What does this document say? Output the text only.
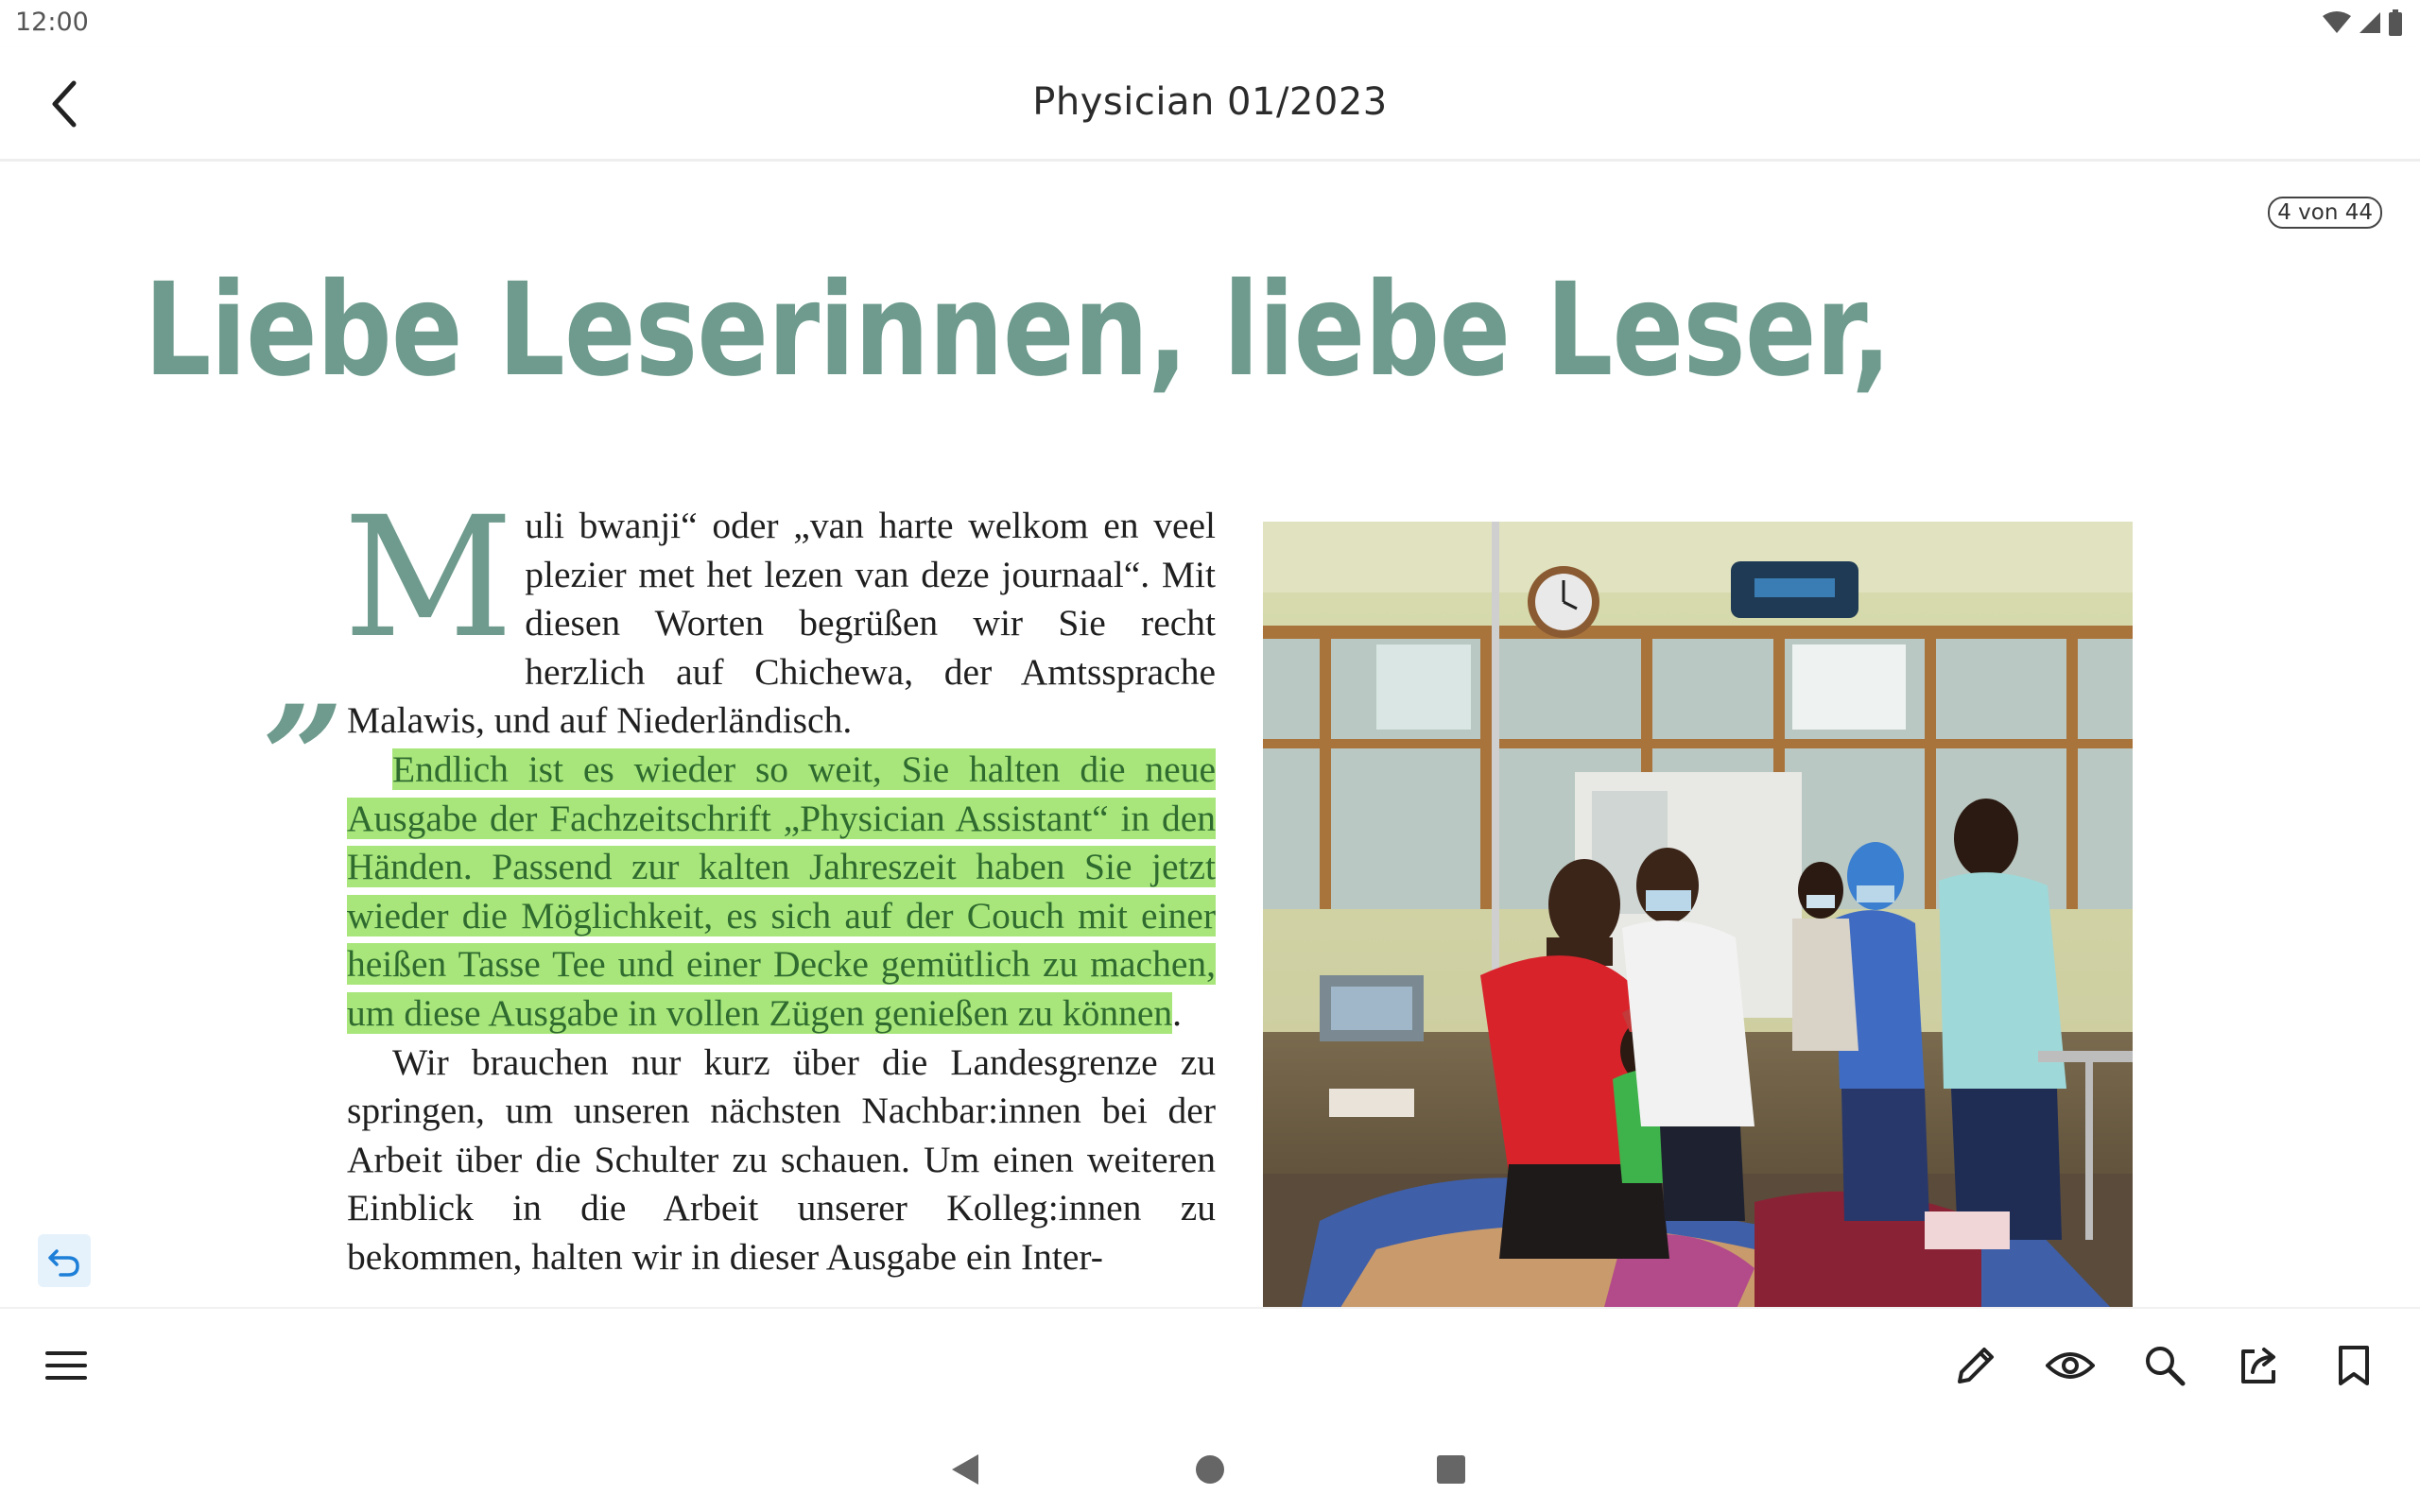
12:00
Physician 01/2023
4 von 44
Liebe Leserinnen, liebe Leser,
„

Muli bwanji“ oder „van harte welkom en veel plezier met het lezen van deze journaal“. Mit diesen Worten begrüßen wir Sie recht herzlich auf Chichewa, der Amtssprache Malawis, und auf Niederländisch.

Endlich ist es wieder so weit, Sie halten die neue Ausgabe der Fachzeitschrift „Physician Assistant“ in den Händen. Passend zur kalten Jahreszeit haben Sie jetzt wieder die Möglichkeit, es sich auf der Couch mit einer heißen Tasse Tee und einer Decke gemütlich zu machen, um diese Ausgabe in vollen Zügen genießen zu können.

Wir brauchen nur kurz über die Landesgrenze zu springen, um unseren nächsten Nachbar:innen bei der Arbeit über die Schulter zu schauen. Um einen weiteren Einblick in die Arbeit unserer Kolleg:innen zu bekommen, halten wir in dieser Ausgabe ein Inter-
